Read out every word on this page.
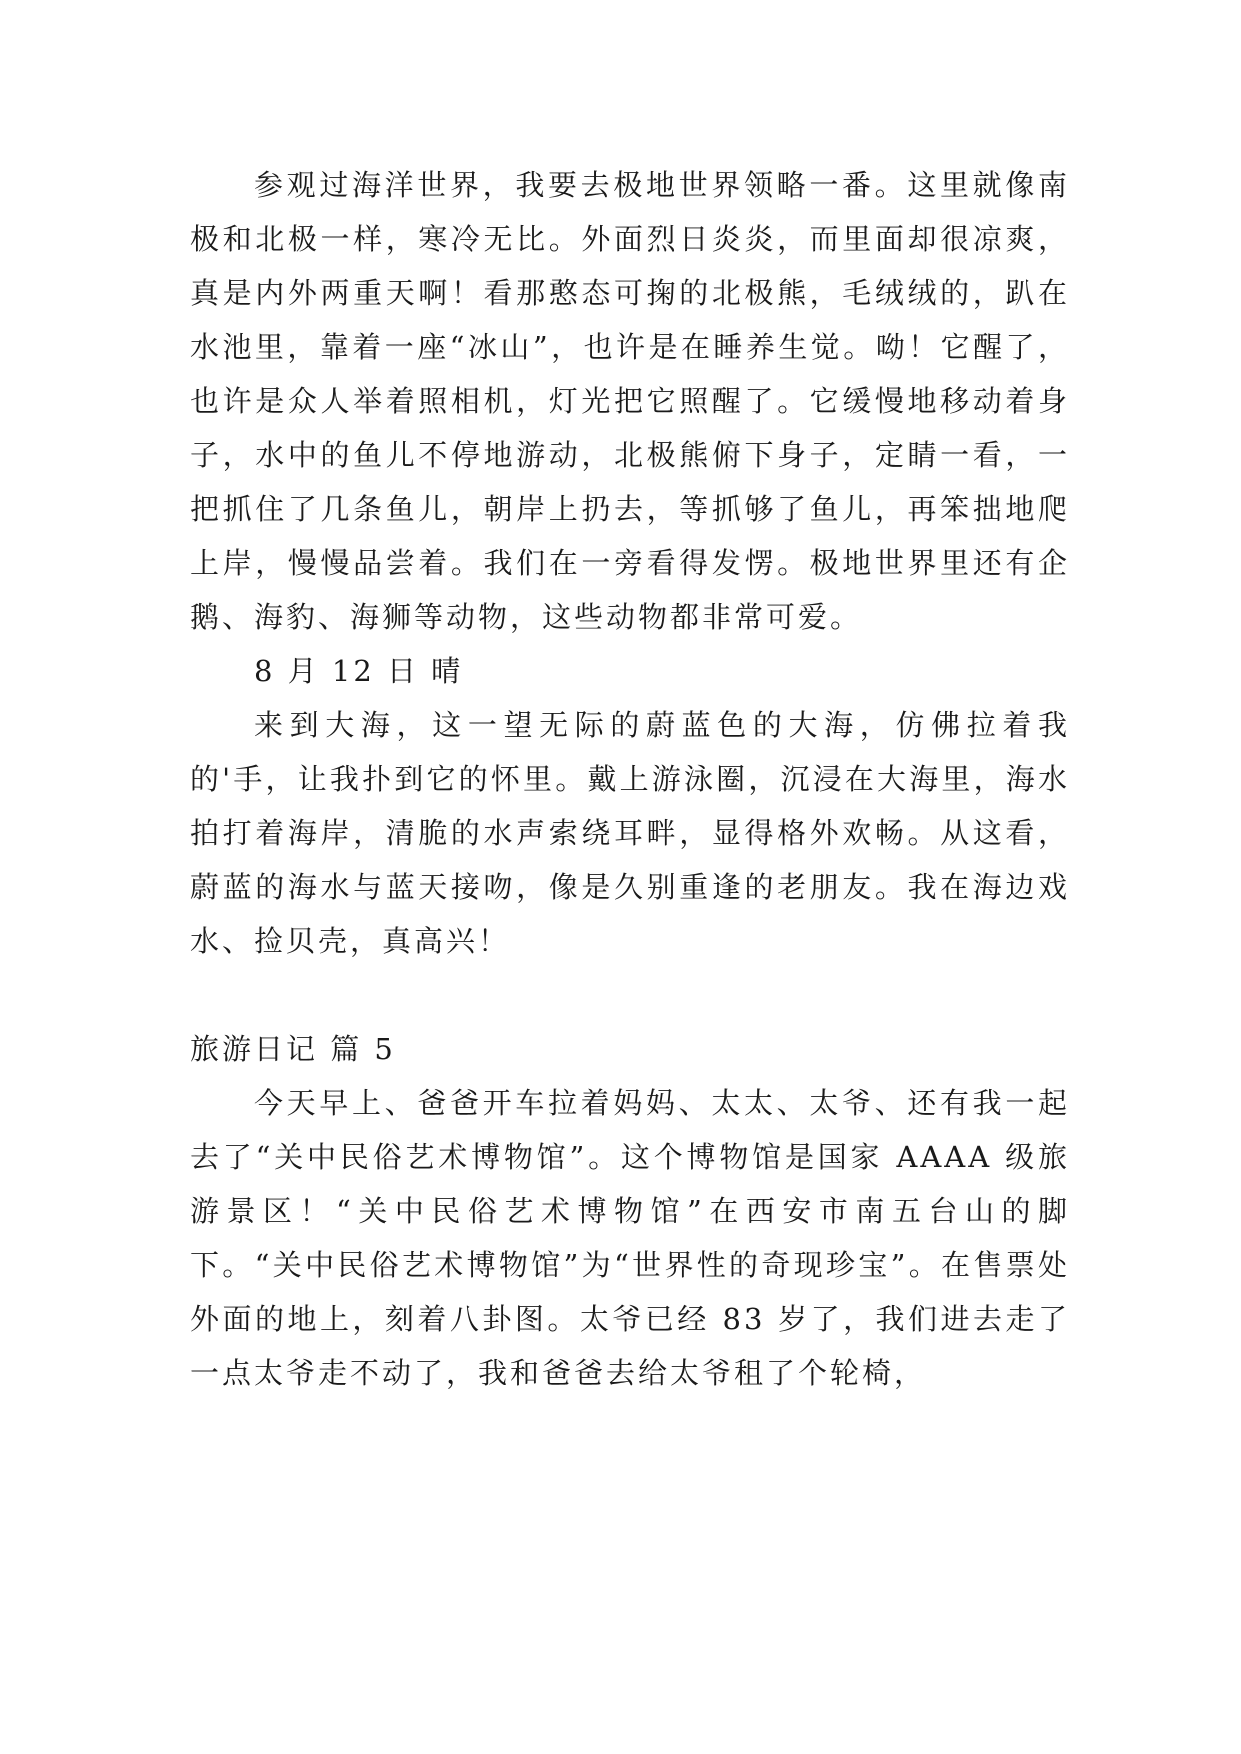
参观过海洋世界，我要去极地世界领略一番。这里就像南极和北极一样，寒冷无比。外面烈日炎炎，而里面却很凉爽，真是内外两重天啊！看那憨态可掬的北极熊，毛绒绒的，趴在水池里，靠着一座“冰山”，也许是在睡养生觉。呦！它醒了，也许是众人举着照相机，灯光把它照醒了。它缓慢地移动着身子，水中的鱼儿不停地游动，北极熊俯下身子，定睛一看，一把抓住了几条鱼儿，朝岸上扔去，等抓够了鱼儿，再笨拙地爬上岸，慢慢品尝着。我们在一旁看得发愣。极地世界里还有企鹅、海豹、海狮等动物，这些动物都非常可爱。

8 月 12 日 晴

来到大海，这一望无际的蔚蓝色的大海，仿佛拉着我的'手，让我扑到它的怀里。戴上游泳圈，沉浸在大海里，海水拍打着海岸，清脆的水声索绕耳畔，显得格外欢畅。从这看，蔚蓝的海水与蓝天接吻，像是久别重逢的老朋友。我在海边戏水、捡贝壳，真高兴！

旅游日记 篇 5

今天早上、爸爸开车拉着妈妈、太太、太爷、还有我一起去了“关中民俗艺术博物馆”。这个博物馆是国家 AAAA 级旅游景区！“关中民俗艺术博物馆”在西安市南五台山的脚下。“关中民俗艺术博物馆”为“世界性的奇现珍宝”。在售票处外面的地上，刻着八卦图。太爷已经 83 岁了，我们进去走了一点太爷走不动了，我和爸爸去给太爷租了个轮椅，
